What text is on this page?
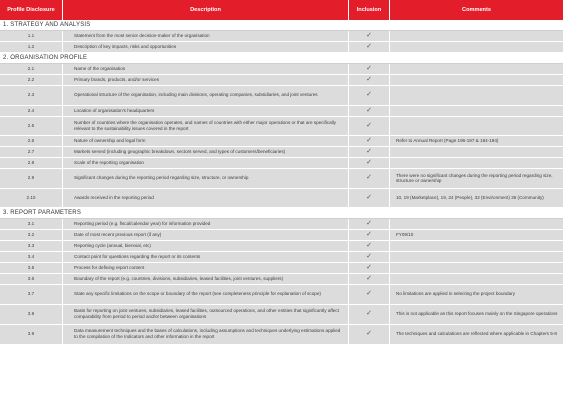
Profile Disclosure	Description	Inclusion	Comments
1. STRATEGY AND ANALYSIS			
1.1	Statement from the most senior decision-maker of the organisation	✓	
1.2	Description of key impacts, risks and opportunities	✓	
2. ORGANISATION PROFILE			
2.1	Name of the organisation	✓	
2.2	Primary brands, products, and/or services	✓	
2.3	Operational structure of the organisation, including main divisions, operating companies, subsidiaries, and joint ventures	✓	
2.4	Location of organisation's headquarters	✓	
2.5	Number of countries where the organisation operates, and names of countries with either major operations or that are specifically relevant to the sustainability issues covered in the report	✓	
2.6	Nature of ownership and legal form	✓	Refer to Annual Report (Page 196-197 & 184-194)
2.7	Markets served (including geographic breakdown, sectors served, and types of customers/beneficiaries)	✓	
2.8	Scale of the reporting organisation	✓	
2.9	Significant changes during the reporting period regarding size, structure, or ownership	✓	There were no significant changes during the reporting period regarding size, structure or ownership
2.10	Awards received in the reporting period	✓	10, 19 (Marketplace), 19, 24 (People), 32 (Environment) 36 (Community)
3. REPORT PARAMETERS			
3.1	Reporting period (e.g. fiscal/calendar year) for information provided	✓	
3.2	Date of most recent previous report (if any)	✓	FY09/10
3.3	Reporting cycle (annual, biennial, etc)	✓	
3.4	Contact point for questions regarding the report or its contents	✓	
3.5	Process for defining report content	✓	
3.6	Boundary of the report (e.g. countries, divisions, subsidiaries, leased facilities, joint ventures, suppliers)	✓	
3.7	State any specific limitations on the scope or boundary of the report (see completeness principle for explanation of scope)	✓	No limitations are applied in selecting the project boundary
3.8	Basis for reporting on joint ventures, subsidiaries, leased facilities, outsourced operations, and other entities that significantly affect comparability from period to period and/or between organisations	✓	This is not applicable as this report focuses mainly on the Singapore operations
3.9	Data measurement techniques and the bases of calculations, including assumptions and techniques underlying estimations applied to the compilation of the Indicators and other information in the report	✓	The techniques and calculations are reflected where applicable in Chapters 5-8
